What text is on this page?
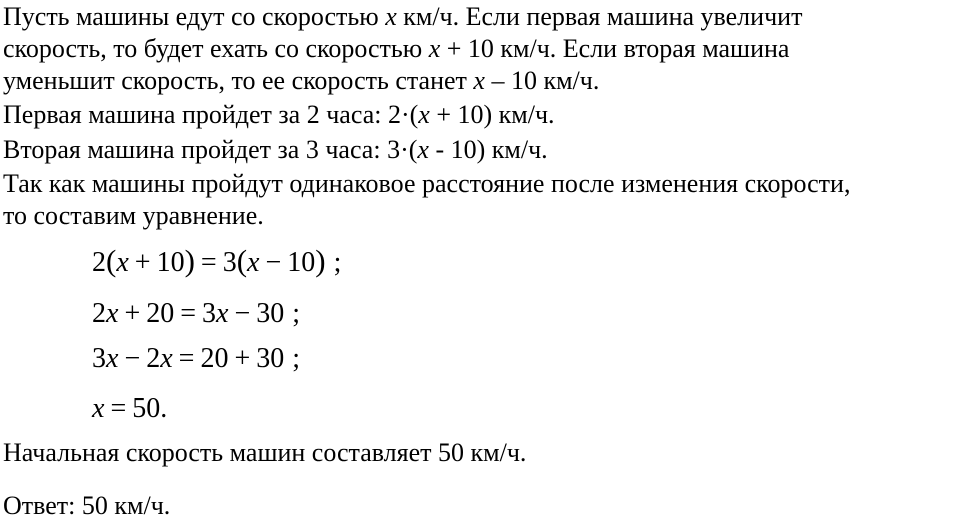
Пусть машины едут со скоростью x км/ч. Если первая машина увеличит
скорость, то будет ехать со скоростью x + 10 км/ч. Если вторая машина
уменьшит скорость, то ее скорость станет x – 10 км/ч.
Первая машина пройдет за 2 часа: 2·(x + 10) км/ч.
Вторая машина пройдет за 3 часа: 3·(x - 10) км/ч.
Так как машины пройдут одинаковое расстояние после изменения скорости,
то составим уравнение.
2(x + 10) = 3(x − 10) ;
2x + 20 = 3x − 30 ;
3x − 2x = 20 + 30 ;
x = 50.
Начальная скорость машин составляет 50 км/ч.
Ответ: 50 км/ч.
